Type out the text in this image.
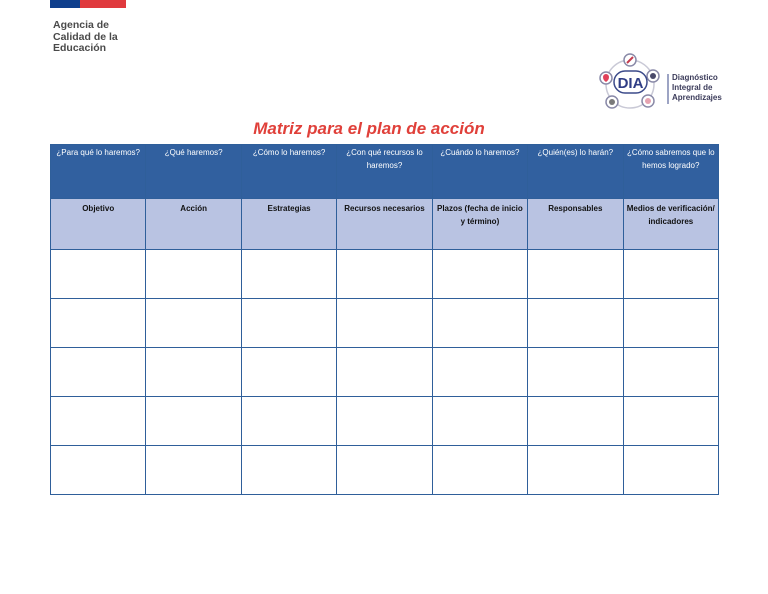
Agencia de
Calidad de la
Educación
DIA	Diagnóstico
Integral de
Aprendizajes
Matriz para el plan de acción
¿Para qué lo haremos?	¿Qué haremos?	¿Cómo lo haremos?	¿Con qué recursos lo haremos?	¿Cuándo lo haremos?	¿Quién(es) lo harán?	¿Cómo sabremos que lo hemos logrado?
Objetivo	Acción	Estrategias	Recursos necesarios	Plazos (fecha de inicio y término)	Responsables	Medios de verificación/ indicadores
